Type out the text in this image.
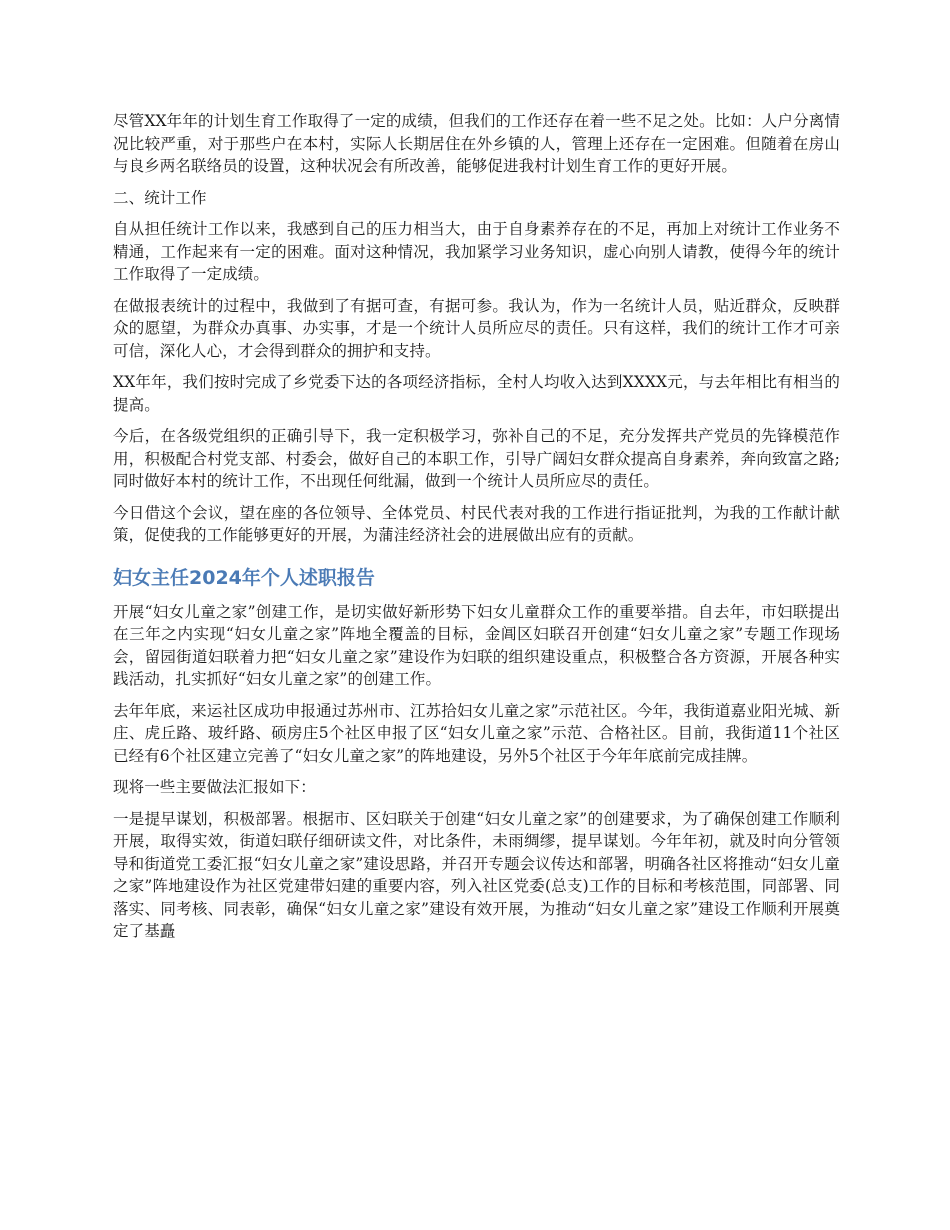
尽管XX年年的计划生育工作取得了一定的成绩，但我们的工作还存在着一些不足之处。比如：人户分离情况比较严重，对于那些户在本村，实际人长期居住在外乡镇的人，管理上还存在一定困难。但随着在房山与良乡两名联络员的设置，这种状况会有所改善，能够促进我村计划生育工作的更好开展。

二、统计工作

自从担任统计工作以来，我感到自己的压力相当大，由于自身素养存在的不足，再加上对统计工作业务不精通，工作起来有一定的困难。面对这种情况，我加紧学习业务知识，虚心向别人请教，使得今年的统计工作取得了一定成绩。

在做报表统计的过程中，我做到了有据可查，有据可参。我认为，作为一名统计人员，贴近群众，反映群众的愿望，为群众办真事、办实事，才是一个统计人员所应尽的责任。只有这样，我们的统计工作才可亲可信，深化人心，才会得到群众的拥护和支持。

XX年年，我们按时完成了乡党委下达的各项经济指标，全村人均收入达到XXXX元，与去年相比有相当的提高。

今后，在各级党组织的正确引导下，我一定积极学习，弥补自己的不足，充分发挥共产党员的先锋模范作用，积极配合村党支部、村委会，做好自己的本职工作，引导广阔妇女群众提高自身素养，奔向致富之路;同时做好本村的统计工作，不出现任何纰漏，做到一个统计人员所应尽的责任。

今日借这个会议，望在座的各位领导、全体党员、村民代表对我的工作进行指证批判，为我的工作献计献策，促使我的工作能够更好的开展，为蒲洼经济社会的进展做出应有的贡献。

妇女主任2024年个人述职报告

开展“妇女儿童之家”创建工作，是切实做好新形势下妇女儿童群众工作的重要举措。自去年，市妇联提出在三年之内实现“妇女儿童之家”阵地全覆盖的目标，金阊区妇联召开创建“妇女儿童之家”专题工作现场会，留园街道妇联着力把“妇女儿童之家”建设作为妇联的组织建设重点，积极整合各方资源，开展各种实践活动，扎实抓好“妇女儿童之家”的创建工作。

去年年底，来运社区成功申报通过苏州市、江苏拾妇女儿童之家”示范社区。今年，我街道嘉业阳光城、新庄、虎丘路、玻纤路、硕房庄5个社区申报了区“妇女儿童之家”示范、合格社区。目前，我街道11个社区已经有6个社区建立完善了“妇女儿童之家”的阵地建设，另外5个社区于今年年底前完成挂牌。

现将一些主要做法汇报如下：

一是提早谋划，积极部署。根据市、区妇联关于创建“妇女儿童之家”的创建要求，为了确保创建工作顺利开展，取得实效，街道妇联仔细研读文件，对比条件，未雨绸缪，提早谋划。今年年初，就及时向分管领导和街道党工委汇报“妇女儿童之家”建设思路，并召开专题会议传达和部署，明确各社区将推动“妇女儿童之家”阵地建设作为社区党建带妇建的重要内容，列入社区党委(总支)工作的目标和考核范围，同部署、同落实、同考核、同表彰，确保“妇女儿童之家”建设有效开展，为推动“妇女儿童之家”建设工作顺利开展奠定了基矗
